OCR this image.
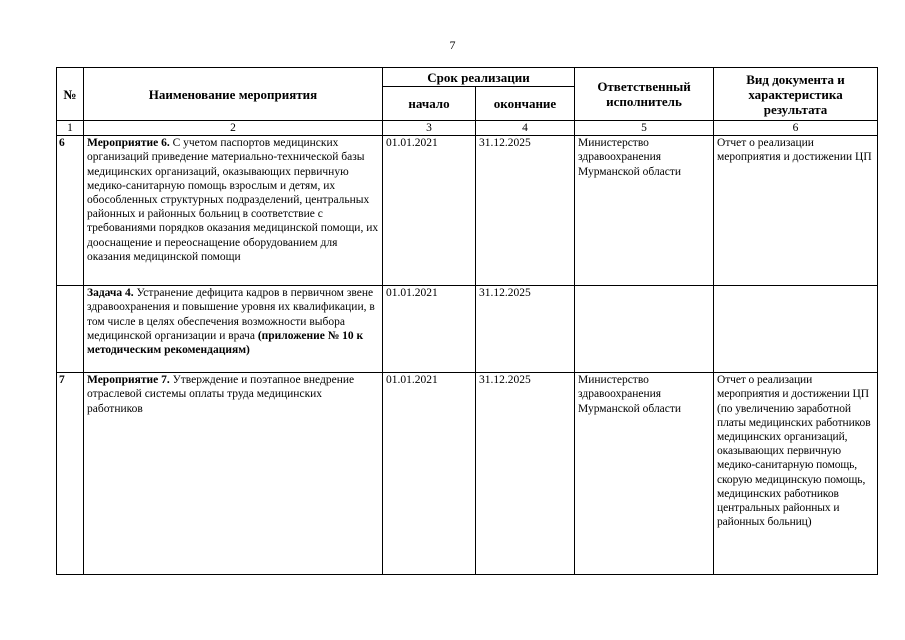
7
№	Наименование мероприятия	Срок реализации		Ответственный исполнитель	Вид документа и характеристика результата
		начало	окончание		
1	2	3	4	5	6
6	Мероприятие 6. С учетом паспортов медицинских организаций приведение материально-технической базы медицинских организаций, оказывающих первичную медико-санитарную помощь взрослым и детям, их обособленных структурных подразделений, центральных районных и районных больниц в соответствие с требованиями порядков оказания медицинской помощи, их дооснащение и переоснащение оборудованием для оказания медицинской помощи	01.01.2021	31.12.2025	Министерство здравоохранения Мурманской области	Отчет о реализации мероприятия и достижении ЦП
	Задача 4. Устранение дефицита кадров в первичном звене здравоохранения и повышение уровня их квалификации, в том числе в целях обеспечения возможности выбора медицинской организации и врача (приложение № 10 к методическим рекомендациям)	01.01.2021	31.12.2025		
7	Мероприятие 7. Утверждение и поэтапное внедрение отраслевой системы оплаты труда медицинских работников	01.01.2021	31.12.2025	Министерство здравоохранения Мурманской области	Отчет о реализации мероприятия и достижении ЦП (по увеличению заработной платы медицинских работников медицинских организаций, оказывающих первичную медико-санитарную помощь, скорую медицинскую помощь, медицинских работников центральных районных и районных больниц)
